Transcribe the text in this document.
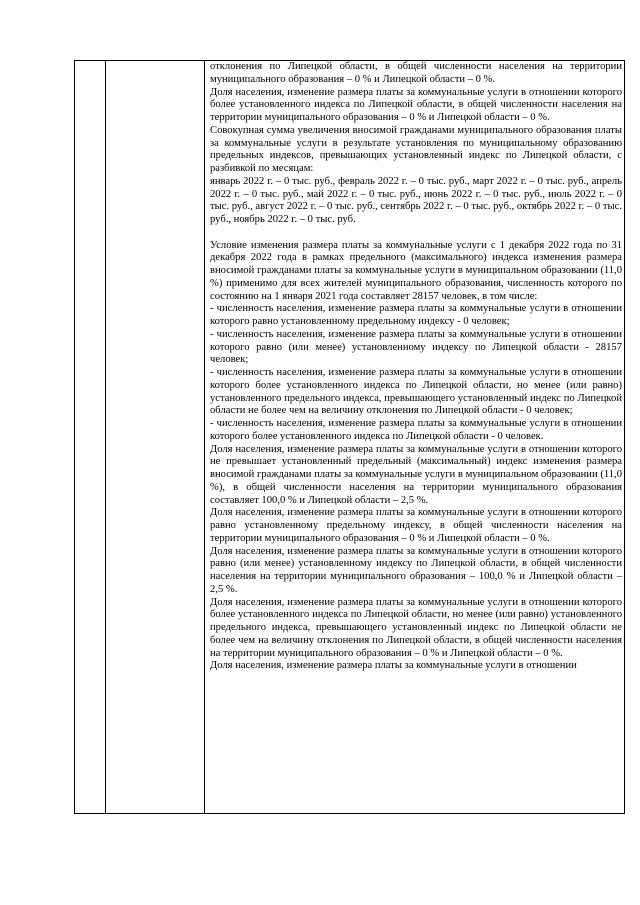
отклонения по Липецкой области, в общей численности населения на территории муниципального образования – 0 % и Липецкой области – 0 %.

Доля населения, изменение размера платы за коммунальные услуги в отношении которого более установленного индекса по Липецкой области, в общей численности населения на территории муниципального образования – 0 % и Липецкой области – 0 %.

Совокупная сумма увеличения вносимой гражданами муниципального образования платы за коммунальные услуги в результате установления по муниципальному образованию предельных индексов, превышающих установленный индекс по Липецкой области, с разбивкой по месяцам:

январь 2022 г. – 0 тыс. руб., февраль 2022 г. – 0 тыс. руб., март 2022 г. – 0 тыс. руб., апрель 2022 г. – 0 тыс. руб., май 2022 г. – 0 тыс. руб., июнь 2022 г. – 0 тыс. руб., июль 2022 г. – 0 тыс. руб., август 2022 г. – 0 тыс. руб., сентябрь 2022 г. – 0 тыс. руб., октябрь 2022 г. – 0 тыс. руб., ноябрь 2022 г. – 0 тыс. руб.

Условие изменения размера платы за коммунальные услуги с 1 декабря 2022 года по 31 декабря 2022 года в рамках предельного (максимального) индекса изменения размера вносимой гражданами платы за коммунальные услуги в муниципальном образовании (11,0 %) применимо для всех жителей муниципального образования, численность которого по состоянию на 1 января 2021 года составляет 28157 человек, в том числе:

- численность населения, изменение размера платы за коммунальные услуги в отношении которого равно установленному предельному индексу - 0 человек;

- численность населения, изменение размера платы за коммунальные услуги в отношении которого равно (или менее) установленному индексу по Липецкой области - 28157 человек;

- численность населения, изменение размера платы за коммунальные услуги в отношении которого более установленного индекса по Липецкой области, но менее (или равно) установленного предельного индекса, превышающего установленный индекс по Липецкой области не более чем на величину отклонения по Липецкой области - 0 человек;

- численность населения, изменение размера платы за коммунальные услуги в отношении которого более установленного индекса по Липецкой области - 0 человек.

Доля населения, изменение размера платы за коммунальные услуги в отношении которого не превышает установленный предельный (максимальный) индекс изменения размера вносимой гражданами платы за коммунальные услуги в муниципальном образовании (11,0 %), в общей численности населения на территории муниципального образования составляет 100,0 % и Липецкой области – 2,5 %.

Доля населения, изменение размера платы за коммунальные услуги в отношении которого равно установленному предельному индексу, в общей численности населения на территории муниципального образования – 0 % и Липецкой области – 0 %.

Доля населения, изменение размера платы за коммунальные услуги в отношении которого равно (или менее) установленному индексу по Липецкой области, в общей численности населения на территории муниципального образования – 100,0 % и Липецкой области – 2,5 %.

Доля населения, изменение размера платы за коммунальные услуги в отношении которого более установленного индекса по Липецкой области, но менее (или равно) установленного предельного индекса, превышающего установленный индекс по Липецкой области не более чем на величину отклонения по Липецкой области, в общей численности населения на территории муниципального образования – 0 % и Липецкой области – 0 %.

Доля населения, изменение размера платы за коммунальные услуги в отношении
